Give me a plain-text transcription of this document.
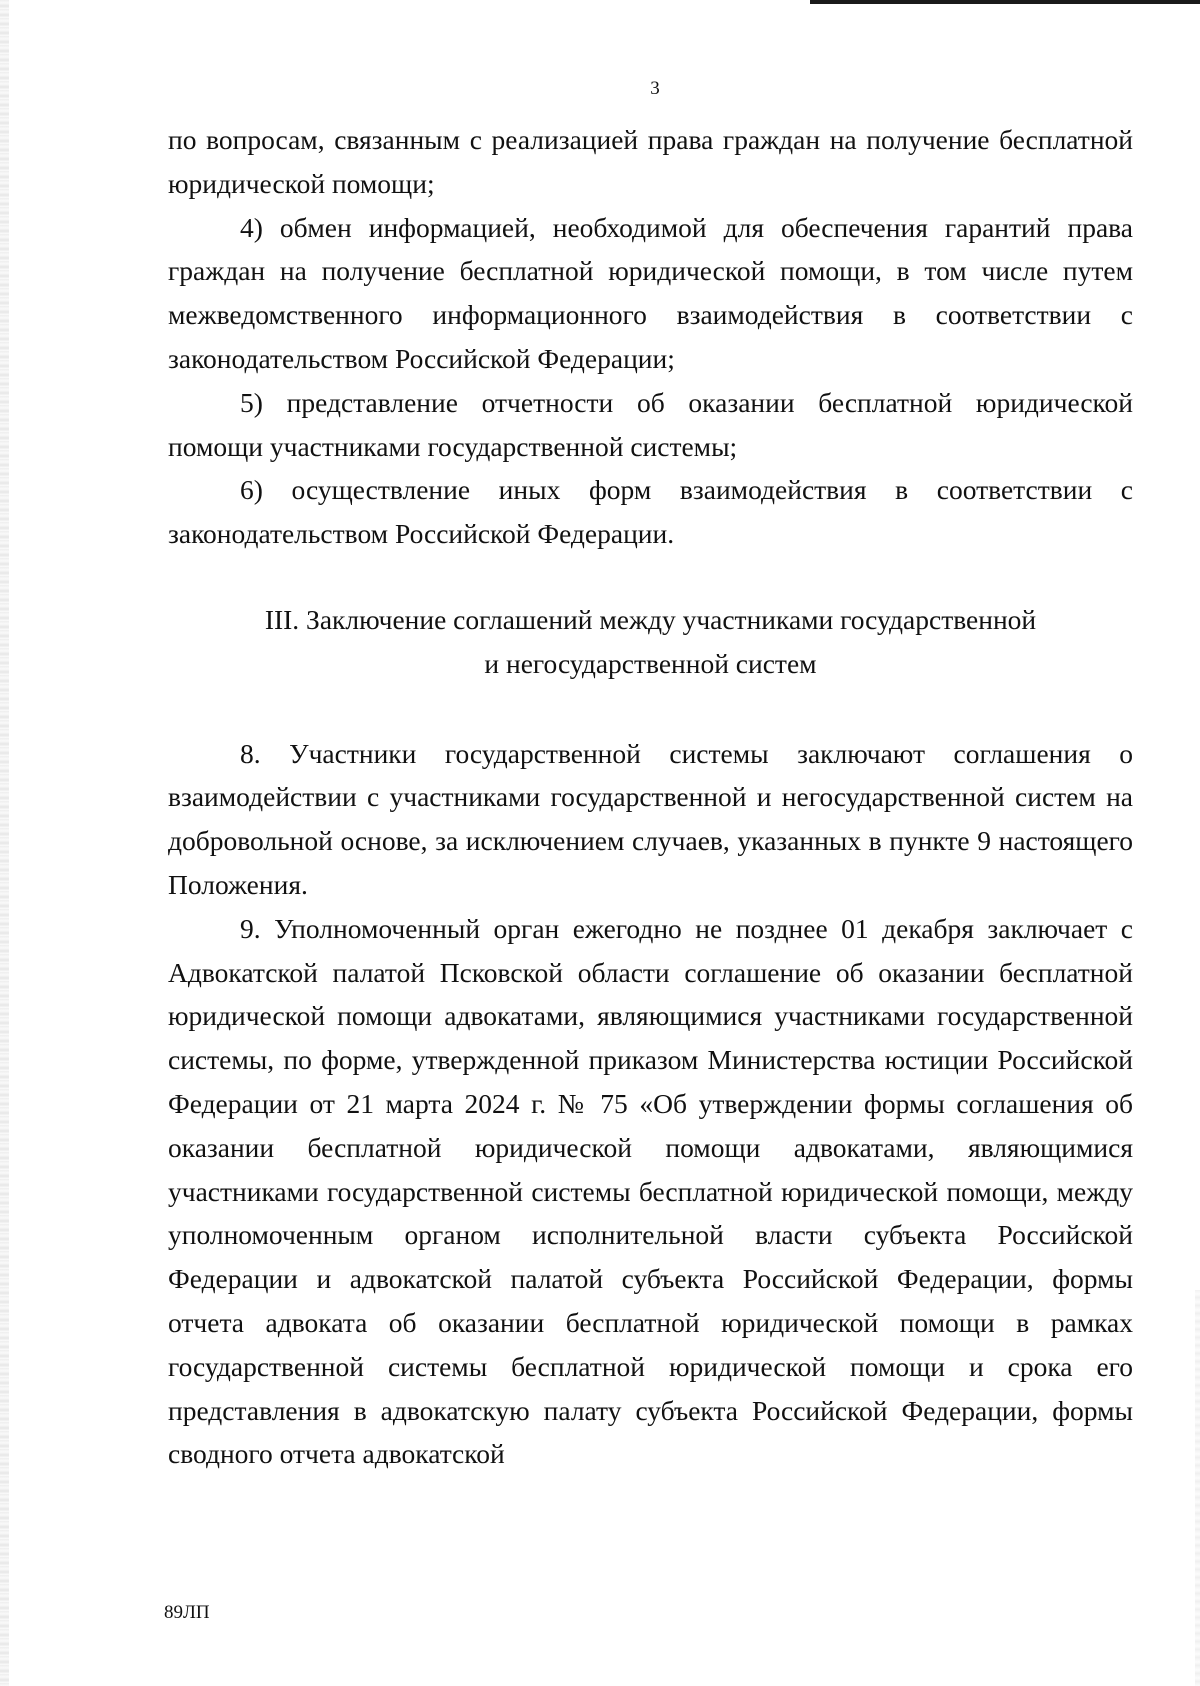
3

по вопросам, связанным с реализацией права граждан на получение бесплатной юридической помощи;

4) обмен информацией, необходимой для обеспечения гарантий права граждан на получение бесплатной юридической помощи, в том числе путем межведомственного информационного взаимодействия в соответствии с законодательством Российской Федерации;

5) представление отчетности об оказании бесплатной юридической помощи участниками государственной системы;

6) осуществление иных форм взаимодействия в соответствии с законодательством Российской Федерации.

III. Заключение соглашений между участниками государственной
и негосударственной систем

8. Участники государственной системы заключают соглашения о взаимодействии с участниками государственной и негосударственной систем на добровольной основе, за исключением случаев, указанных в пункте 9 настоящего Положения.

9. Уполномоченный орган ежегодно не позднее 01 декабря заключает с Адвокатской палатой Псковской области соглашение об оказании бесплатной юридической помощи адвокатами, являющимися участниками государственной системы, по форме, утвержденной приказом Министерства юстиции Российской Федерации от 21 марта 2024 г. № 75 «Об утверждении формы соглашения об оказании бесплатной юридической помощи адвокатами, являющимися участниками государственной системы бесплатной юридической помощи, между уполномоченным органом исполнительной власти субъекта Российской Федерации и адвокатской палатой субъекта Российской Федерации, формы отчета адвоката об оказании бесплатной юридической помощи в рамках государственной системы бесплатной юридической помощи и срока его представления в адвокатскую палату субъекта Российской Федерации, формы сводного отчета адвокатской

89ЛП
